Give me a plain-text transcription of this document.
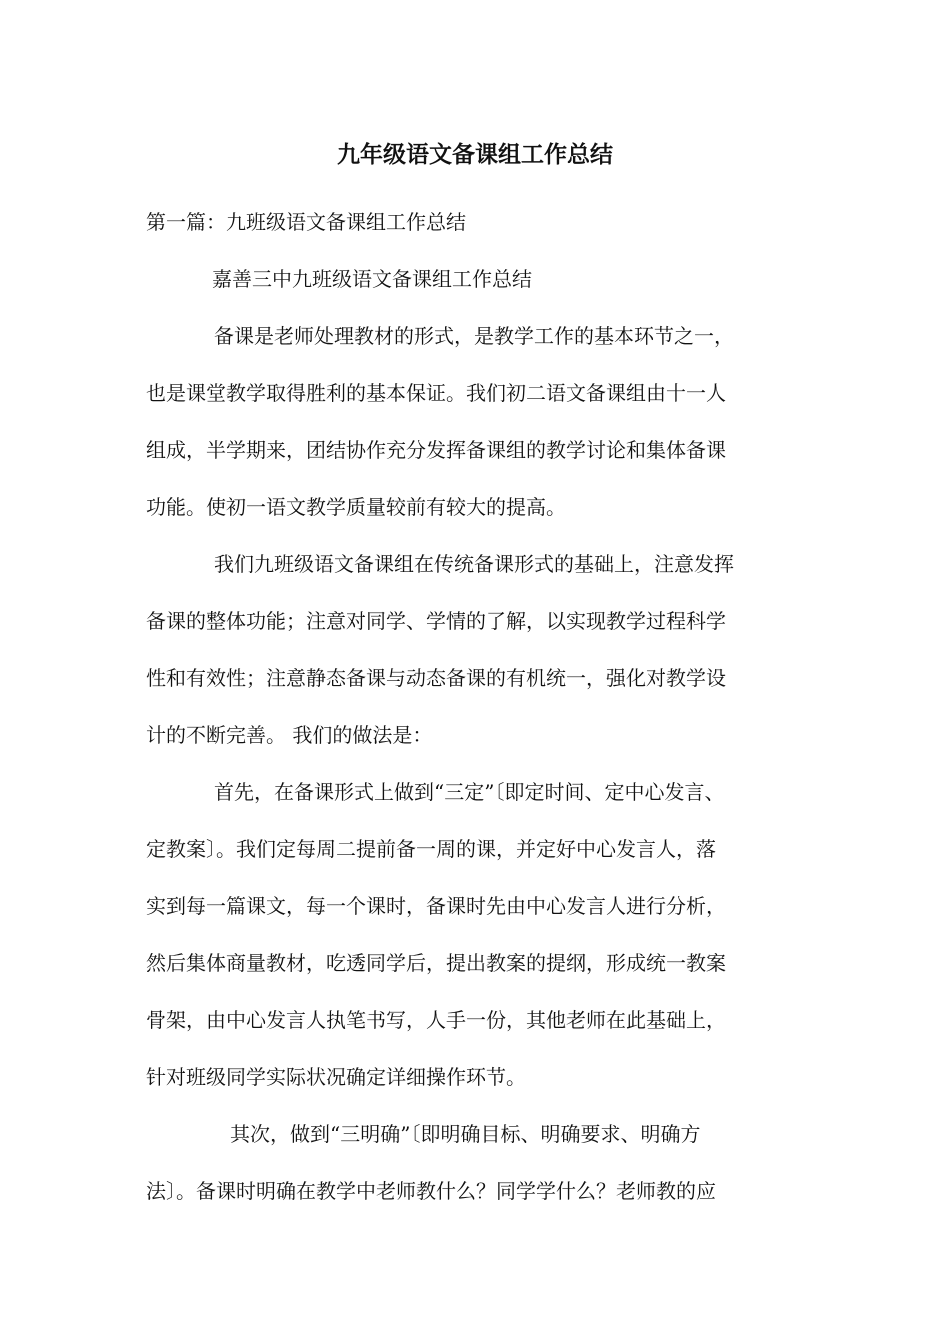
九年级语文备课组工作总结
第一篇：九班级语文备课组工作总结
嘉善三中九班级语文备课组工作总结
备课是老师处理教材的形式，是教学工作的基本环节之一，
也是课堂教学取得胜利的基本保证。我们初二语文备课组由十一人
组成，半学期来，团结协作充分发挥备课组的教学讨论和集体备课
功能。使初一语文教学质量较前有较大的提高。
我们九班级语文备课组在传统备课形式的基础上，注意发挥
备课的整体功能；注意对同学、学情的了解，以实现教学过程科学
性和有效性；注意静态备课与动态备课的有机统一，强化对教学设
计的不断完善。 我们的做法是：
首先，在备课形式上做到“三定”〔即定时间、定中心发言、
定教案〕。我们定每周二提前备一周的课，并定好中心发言人，落
实到每一篇课文，每一个课时，备课时先由中心发言人进行分析，
然后集体商量教材，吃透同学后，提出教案的提纲，形成统一教案
骨架，由中心发言人执笔书写，人手一份，其他老师在此基础上，
针对班级同学实际状况确定详细操作环节。
其次，做到“三明确”〔即明确目标、明确要求、明确方
法〕。备课时明确在教学中老师教什么？同学学什么？老师教的应
